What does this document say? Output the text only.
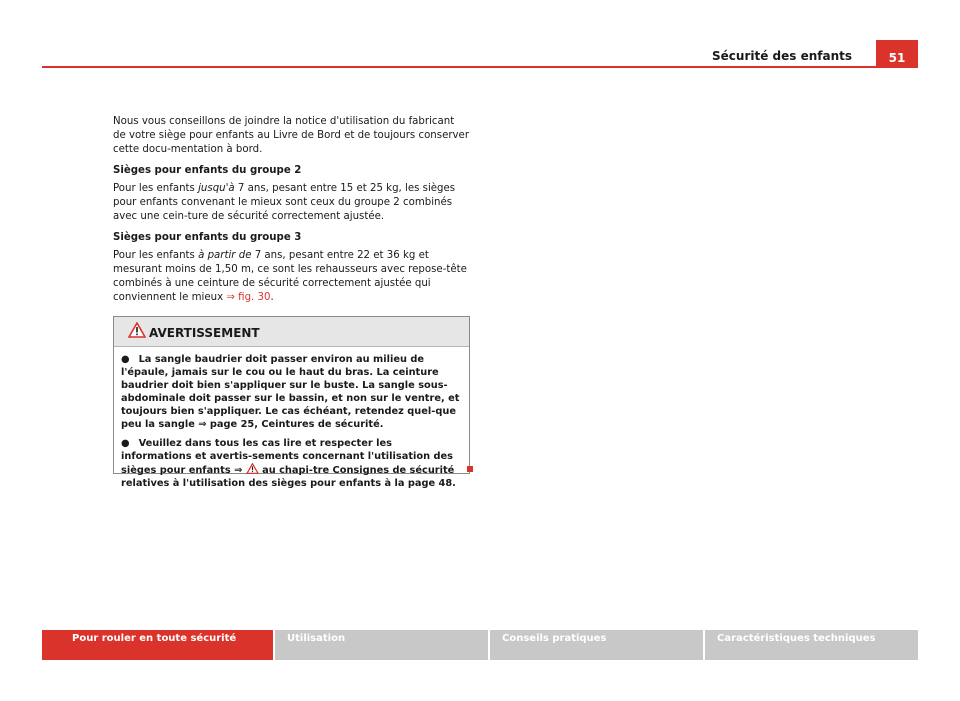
Sécurité des enfants	51

Nous vous conseillons de joindre la notice d'utilisation du fabricant de votre siège pour enfants au Livre de Bord et de toujours conserver cette docu-mentation à bord.

Sièges pour enfants du groupe 2

Pour les enfants jusqu'à 7 ans, pesant entre 15 et 25 kg, les sièges pour enfants convenant le mieux sont ceux du groupe 2 combinés avec une cein-ture de sécurité correctement ajustée.

Sièges pour enfants du groupe 3

Pour les enfants à partir de 7 ans, pesant entre 22 et 36 kg et mesurant moins de 1,50 m, ce sont les rehausseurs avec repose-tête combinés à une ceinture de sécurité correctement ajustée qui conviennent le mieux ⇒ fig. 30.

AVERTISSEMENT

● La sangle baudrier doit passer environ au milieu de l'épaule, jamais sur le cou ou le haut du bras. La ceinture baudrier doit bien s'appliquer sur le buste. La sangle sous-abdominale doit passer sur le bassin, et non sur le ventre, et toujours bien s'appliquer. Le cas échéant, retendez quel-que peu la sangle ⇒ page 25, Ceintures de sécurité.

● Veuillez dans tous les cas lire et respecter les informations et avertis-sements concernant l'utilisation des sièges pour enfants ⇒  au chapi-tre Consignes de sécurité relatives à l'utilisation des sièges pour enfants à la page 48.

Pour rouler en toute sécurité	Utilisation	Conseils pratiques	Caractéristiques techniques
